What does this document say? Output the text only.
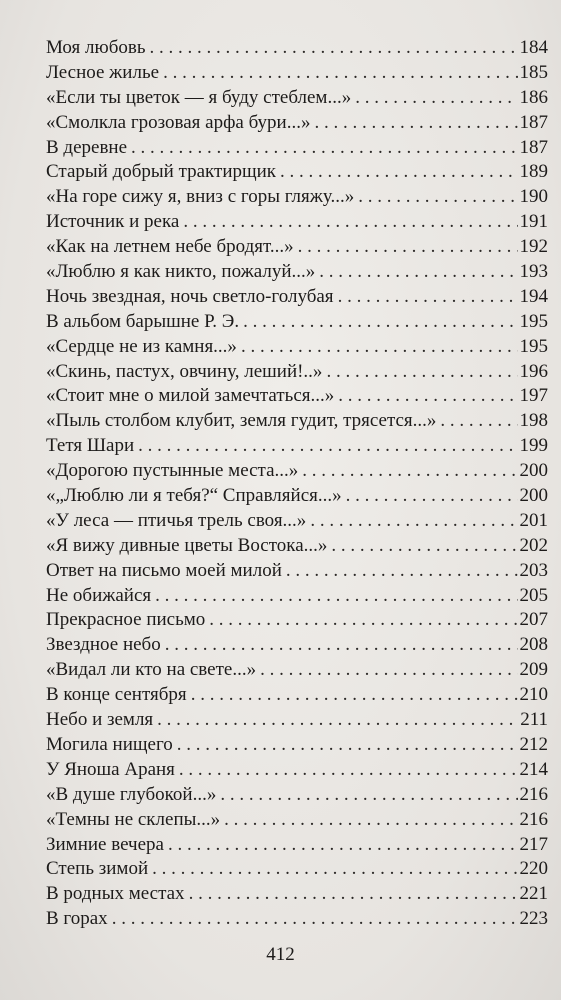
Моя любовь . . .	184
Лесное жилье . . .	185
«Если ты цветок — я буду стеблем...» . . .	186
«Смолкла грозовая арфа бури...» . . .	187
В деревне . . .	187
Старый добрый трактирщик . . .	189
«На горе сижу я, вниз с горы гляжу...» . . .	190
Источник и река . . .	191
«Как на летнем небе бродят...» . . .	192
«Люблю я как никто, пожалуй...» . . .	193
Ночь звездная, ночь светло-голубая . . .	194
В альбом барышне Р. Э. . . .	195
«Сердце не из камня...» . . .	195
«Скинь, пастух, овчину, леший!..» . . .	196
«Стоит мне о милой замечтаться...» . . .	197
«Пыль столбом клубит, земля гудит, трясется...» . . .	198
Тетя Шари . . .	199
«Дорогою пустынные места...» . . .	200
«„Люблю ли я тебя?“ Справляйся...» . . .	200
«У леса — птичья трель своя...» . . .	201
«Я вижу дивные цветы Востока...» . . .	202
Ответ на письмо моей милой . . .	203
Не обижайся . . .	205
Прекрасное письмо . . .	207
Звездное небо . . .	208
«Видал ли кто на свете...» . . .	209
В конце сентября . . .	210
Небо и земля . . .	211
Могила нищего . . .	212
У Яноша Араня . . .	214
«В душе глубокой...» . . .	216
«Темны не склепы...» . . .	216
Зимние вечера . . .	217
Степь зимой . . .	220
В родных местах . . .	221
В горах . . .	223
412
